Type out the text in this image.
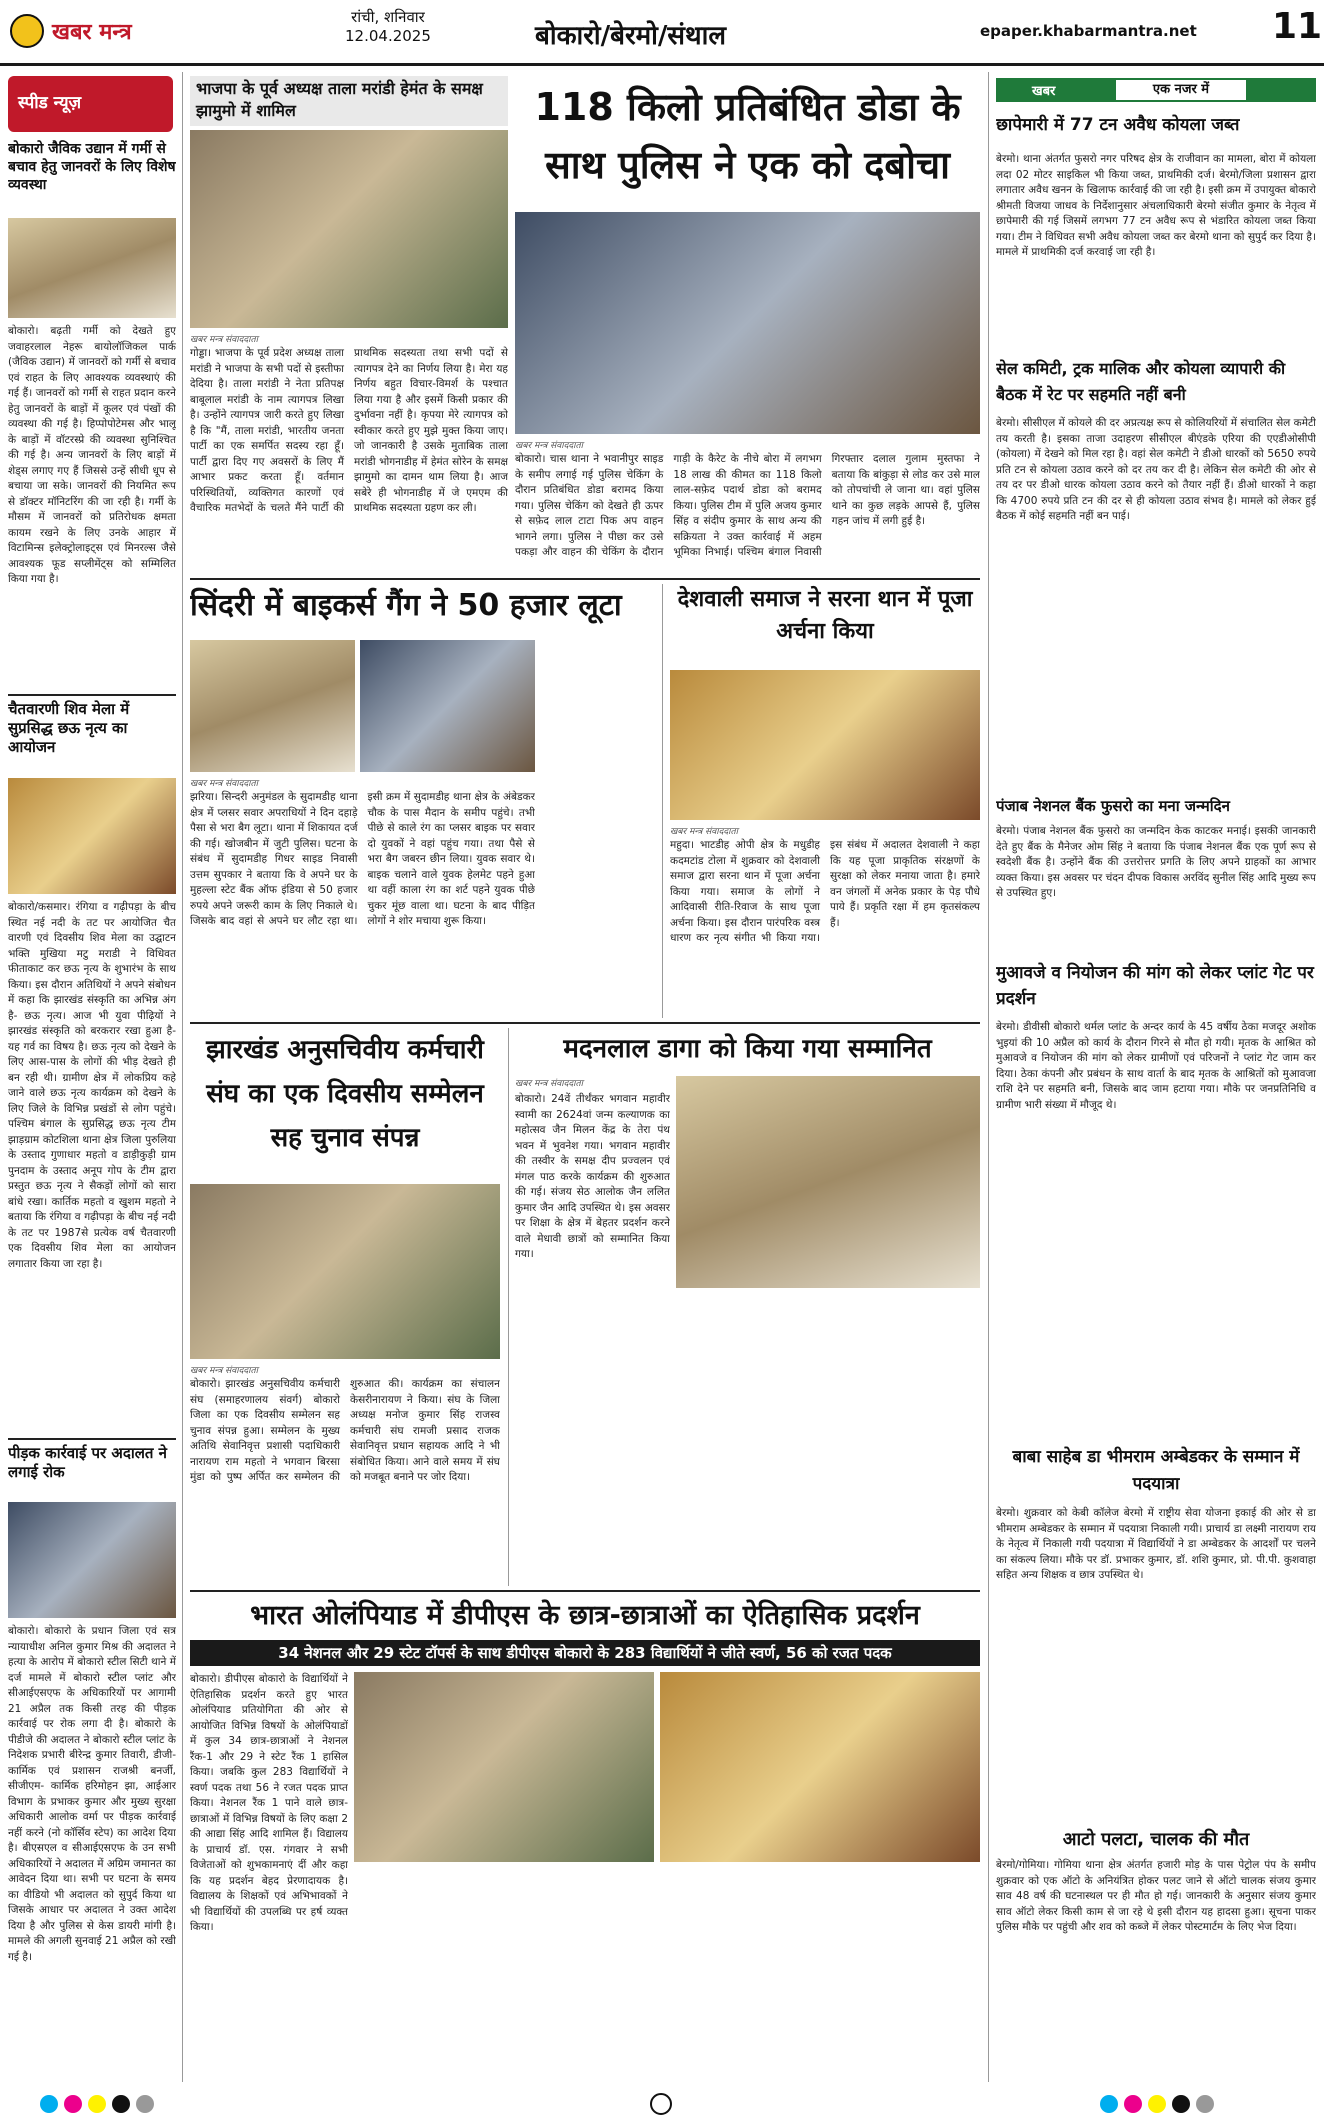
खबर मन्त्र
रांची, शनिवार
12.04.2025	बोकारो/बेरमो/संथाल	epaper.khabarmantra.net 11
स्पीड न्यूज़
बोकारो जैविक उद्यान में गर्मी से बचाव हेतु जानवरों के लिए विशेष व्यवस्था
बोकारो। बढ़ती गर्मी को देखते हुए जवाहरलाल नेहरू बायोलॉजिकल पार्क (जैविक उद्यान) में जानवरों को गर्मी से बचाव एवं राहत के लिए आवश्यक व्यवस्थाएं की गई हैं। जानवरों को गर्मी से राहत प्रदान करने हेतु जानवरों के बाड़ों में कूलर एवं पंखों की व्यवस्था की गई है। हिप्पोपोटेमस और भालू के बाड़ों में वॉटरस्प्रे की व्यवस्था सुनिश्चित की गई है। अन्य जानवरों के लिए बाड़ों में शेड्स लगाए गए हैं जिससे उन्हें सीधी धूप से बचाया जा सके। जानवरों की नियमित रूप से डॉक्टर मॉनिटरिंग की जा रही है। गर्मी के मौसम में जानवरों को प्रतिरोधक क्षमता कायम रखने के लिए उनके आहार में विटामिन्स इलेक्ट्रोलाइट्स एवं मिनरल्स जैसे आवश्यक फूड सप्लीमेंट्स को सम्मिलित किया गया है।
चैतवारणी शिव मेला में सुप्रसिद्ध छऊ नृत्य का आयोजन
बोकारो/कसमार। रंगिया व गढ़ीपड़ा के बीच स्थित नई नदी के तट पर आयोजित चैत वारणी एवं दिवसीय शिव मेला का उद्घाटन भक्ति मुखिया मटु मराडी ने विधिवत फीताकाट कर छऊ नृत्य के शुभारंभ के साथ किया। इस दौरान अतिथियों ने अपने संबोधन में कहा कि झारखंड संस्कृति का अभिन्न अंग है- छऊ नृत्य। आज भी युवा पीढ़ियों ने झारखंड संस्कृति को बरकरार रखा हुआ है- यह गर्व का विषय है। छऊ नृत्य को देखने के लिए आस-पास के लोगों की भीड़ देखते ही बन रही थी। ग्रामीण क्षेत्र में लोकप्रिय कहे जाने वाले छऊ नृत्य कार्यक्रम को देखने के लिए जिले के विभिन्न प्रखंडों से लोग पहुंचे। पश्चिम बंगाल के सुप्रसिद्ध छऊ नृत्य टीम झाड़ग्राम कोटशिला थाना क्षेत्र जिला पुरुलिया के उस्ताद गुणाधार महतो व डाड़ीकुड़ी ग्राम पुनदाम के उस्ताद अनूप गोप के टीम द्वारा प्रस्तुत छऊ नृत्य ने सैकड़ों लोगों को सारा बांधे रखा। कार्तिक महतो व खुशम महतो ने बताया कि रंगिया व गढ़ीपड़ा के बीच नई नदी के तट पर 1987से प्रत्येक वर्ष चैतवारणी एक दिवसीय शिव मेला का आयोजन लगातार किया जा रहा है।
पीड़क कार्रवाई पर अदालत ने लगाई रोक
बोकारो। बोकारो के प्रधान जिला एवं सत्र न्यायाधीश अनिल कुमार मिश्र की अदालत ने हत्या के आरोप में बोकारो स्टील सिटी थाने में दर्ज मामले में बोकारो स्टील प्लांट और सीआईएसएफ के अधिकारियों पर आगामी 21 अप्रैल तक किसी तरह की पीड़क कार्रवाई पर रोक लगा दी है। बोकारो के पीडीजे की अदालत ने बोकारो स्टील प्लांट के निदेशक प्रभारी बीरेन्द्र कुमार तिवारी, डीजी-कार्मिक एवं प्रशासन राजश्री बनर्जी, सीजीएम- कार्मिक हरिमोहन झा, आईआर विभाग के प्रभाकर कुमार और मुख्य सुरक्षा अधिकारी आलोक वर्मा पर पीड़क कार्रवाई नहीं करने (नो कॉर्सिव स्टेप) का आदेश दिया है। बीएसएल व सीआईएसएफ के उन सभी अधिकारियों ने अदालत में अग्रिम जमानत का आवेदन दिया था। सभी पर घटना के समय का वीडियो भी अदालत को सुपुर्द किया था जिसके आधार पर अदालत ने उक्त आदेश दिया है और पुलिस से केस डायरी मांगी है। मामले की अगली सुनवाई 21 अप्रैल को रखी गई है।
भाजपा के पूर्व अध्यक्ष ताला मरांडी हेमंत के समक्ष झामुमो में शामिल
खबर मन्त्र संवाददाता
गोड्डा। भाजपा के पूर्व प्रदेश अध्यक्ष ताला मरांडी ने भाजपा के सभी पदों से इस्तीफा देदिया है। ताला मरांडी ने नेता प्रतिपक्ष बाबूलाल मरांडी के नाम त्यागपत्र लिखा है। उन्होंने त्यागपत्र जारी करते हुए लिखा है कि "मैं, ताला मरांडी, भारतीय जनता पार्टी का एक समर्पित सदस्य रहा हूँ। पार्टी द्वारा दिए गए अवसरों के लिए मैं आभार प्रकट करता हूँ। वर्तमान परिस्थितियों, व्यक्तिगत कारणों एवं वैचारिक मतभेदों के चलते मैंने पार्टी की प्राथमिक सदस्यता तथा सभी पदों से त्यागपत्र देने का निर्णय लिया है। मेरा यह निर्णय बहुत विचार-विमर्श के पश्चात लिया गया है और इसमें किसी प्रकार की दुर्भावना नहीं है। कृपया मेरे त्यागपत्र को स्वीकार करते हुए मुझे मुक्त किया जाए। जो जानकारी है उसके मुताबिक ताला मरांडी भोगनाडीह में हेमंत सोरेन के समक्ष झामुमो का दामन थाम लिया है। आज सबेरे ही भोगनाडीह में जे एमएम की प्राथमिक सदस्यता ग्रहण कर ली।
118 किलो प्रतिबंधित डोडा के साथ पुलिस ने एक को दबोचा
खबर मन्त्र संवाददाता
बोकारो। चास थाना ने भवानीपुर साइड के समीप लगाई गई पुलिस चेकिंग के दौरान प्रतिबंधित डोडा बरामद किया गया। पुलिस चेकिंग को देखते ही ऊपर से सफ़ेद लाल टाटा पिक अप वाहन भागने लगा। पुलिस ने पीछा कर उसे पकड़ा और वाहन की चेकिंग के दौरान गाड़ी के कैरेट के नीचे बोरा में लगभग 18 लाख की कीमत का 118 किलो लाल-सफ़ेद पदार्थ डोडा को बरामद किया। पुलिस टीम में पुलि अजय कुमार सिंह व संदीप कुमार के साथ अन्य की सक्रियता ने उक्त कार्रवाई में अहम भूमिका निभाई। पश्चिम बंगाल निवासी गिरफ्तार दलाल गुलाम मुस्तफा ने बताया कि बांकुड़ा से लोड कर उसे माल को तोपचांची ले जाना था। वहां पुलिस थाने का कुछ लड़के आपसे हैं, पुलिस गहन जांच में लगी हुई है।
सिंदरी में बाइकर्स गैंग ने 50 हजार लूटा
खबर मन्त्र संवाददाता
झरिया। सिन्दरी अनुमंडल के सुदामडीह थाना क्षेत्र में प्लसर सवार अपराधियों ने दिन दहाड़े पैसा से भरा बैग लूटा। थाना में शिकायत दर्ज की गई। खोजबीन में जुटी पुलिस। घटना के संबंध में सुदामडीह गिधर साइड निवासी उत्तम सुपकार ने बताया कि वे अपने घर के मुहल्ला स्टेट बैंक ऑफ इंडिया से 50 हजार रुपये अपने जरूरी काम के लिए निकाले थे। जिसके बाद वहां से अपने घर लौट रहा था। इसी क्रम में सुदामडीह थाना क्षेत्र के अंबेडकर चौक के पास मैदान के समीप पहुंचे। तभी पीछे से काले रंग का प्लसर बाइक पर सवार दो युवकों ने वहां पहुंच गया। तथा पैसे से भरा बैग जबरन छीन लिया। युवक सवार थे। बाइक चलाने वाले युवक हेलमेट पहने हुआ था वहीं काला रंग का शर्ट पहने युवक पीछे चुकर मूंछ वाला था। घटना के बाद पीड़ित लोगों ने शोर मचाया शुरू किया।
देशवाली समाज ने सरना थान में पूजा अर्चना किया
खबर मन्त्र संवाददाता
महुदा। भाटडीह ओपी क्षेत्र के मधुडीह कदमटांड टोला में शुक्रवार को देशवाली समाज द्वारा सरना थान में पूजा अर्चना किया गया। समाज के लोगों ने आदिवासी रीति-रिवाज के साथ पूजा अर्चना किया। इस दौरान पारंपरिक वस्त्र धारण कर नृत्य संगीत भी किया गया। इस संबंध में अदालत देशवाली ने कहा कि यह पूजा प्राकृतिक संरक्षणों के सुरक्षा को लेकर मनाया जाता है। हमारे वन जंगलों में अनेक प्रकार के पेड़ पौधे पाये हैं। प्रकृति रक्षा में हम कृतसंकल्प हैं।
झारखंड अनुसचिवीय कर्मचारी संघ का एक दिवसीय सम्मेलन सह चुनाव संपन्न
खबर मन्त्र संवाददाता
बोकारो। झारखंड अनुसचिवीय कर्मचारी संघ (समाहरणालय संवर्ग) बोकारो जिला का एक दिवसीय सम्मेलन सह चुनाव संपन्न हुआ। सम्मेलन के मुख्य अतिथि सेवानिवृत्त प्रशासी पदाधिकारी नारायण राम महतो ने भगवान बिरसा मुंडा को पुष्प अर्पित कर सम्मेलन की शुरुआत की। कार्यक्रम का संचालन केसरीनारायण ने किया। संघ के जिला अध्यक्ष मनोज कुमार सिंह राजस्व कर्मचारी संघ रामजी प्रसाद राजक सेवानिवृत्त प्रधान सहायक आदि ने भी संबोधित किया। आने वाले समय में संघ को मजबूत बनाने पर जोर दिया।
मदनलाल डागा को किया गया सम्मानित
खबर मन्त्र संवाददाता
बोकारो। 24वें तीर्थंकर भगवान महावीर स्वामी का 2624वां जन्म कल्याणक का महोत्सव जैन मिलन केंद्र के तेरा पंथ भवन में भुवनेश गया। भगवान महावीर की तस्वीर के समक्ष दीप प्रज्वलन एवं मंगल पाठ करके कार्यक्रम की शुरुआत की गई। संजय सेठ आलोक जैन ललित कुमार जैन आदि उपस्थित थे। इस अवसर पर शिक्षा के क्षेत्र में बेहतर प्रदर्शन करने वाले मेधावी छात्रों को सम्मानित किया गया।
भारत ओलंपियाड में डीपीएस के छात्र-छात्राओं का ऐतिहासिक प्रदर्शन
34 नेशनल और 29 स्टेट टॉपर्स के साथ डीपीएस बोकारो के 283 विद्यार्थियों ने जीते स्वर्ण, 56 को रजत पदक
बोकारो। डीपीएस बोकारो के विद्यार्थियों ने ऐतिहासिक प्रदर्शन करते हुए भारत ओलंपियाड प्रतियोगिता की ओर से आयोजित विभिन्न विषयों के ओलंपियाडों में कुल 34 छात्र-छात्राओं ने नेशनल रैंक-1 और 29 ने स्टेट रैंक 1 हासिल किया। जबकि कुल 283 विद्यार्थियों ने स्वर्ण पदक तथा 56 ने रजत पदक प्राप्त किया। नेशनल रैंक 1 पाने वाले छात्र-छात्राओं में विभिन्न विषयों के लिए कक्षा 2 की आद्या सिंह आदि शामिल हैं। विद्यालय के प्राचार्य डॉ. एस. गंगवार ने सभी विजेताओं को शुभकामनाएं दीं और कहा कि यह प्रदर्शन बेहद प्रेरणादायक है। विद्यालय के शिक्षकों एवं अभिभावकों ने भी विद्यार्थियों की उपलब्धि पर हर्ष व्यक्त किया।
खबर	एक नजर में
छापेमारी में 77 टन अवैध कोयला जब्त
बेरमो। थाना अंतर्गत फुसरो नगर परिषद क्षेत्र के राजीवान का मामला, बोरा में कोयला लदा 02 मोटर साइकिल भी किया जब्त, प्राथमिकी दर्ज। बेरमो/जिला प्रशासन द्वारा लगातार अवैध खनन के खिलाफ कार्रवाई की जा रही है। इसी क्रम में उपायुक्त बोकारो श्रीमती विजया जाधव के निर्देशानुसार अंचलाधिकारी बेरमो संजीत कुमार के नेतृत्व में छापेमारी की गई जिसमें लगभग 77 टन अवैध रूप से भंडारित कोयला जब्त किया गया। टीम ने विधिवत सभी अवैध कोयला जब्त कर बेरमो थाना को सुपुर्द कर दिया है। मामले में प्राथमिकी दर्ज करवाई जा रही है।
सेल कमिटी, ट्रक मालिक और कोयला व्यापारी की बैठक में रेट पर सहमति नहीं बनी
बेरमो। सीसीएल में कोयले की दर अप्रत्यक्ष रूप से कोलियरियों में संचालित सेल कमेटी तय करती है। इसका ताजा उदाहरण सीसीएल बीएंडके एरिया की एएडीओसीपी (कोयला) में देखने को मिल रहा है। वहां सेल कमेटी ने डीओ धारकों को 5650 रुपये प्रति टन से कोयला उठाव करने को दर तय कर दी है। लेकिन सेल कमेटी की ओर से तय दर पर डीओ धारक कोयला उठाव करने को तैयार नहीं हैं। डीओ धारकों ने कहा कि 4700 रुपये प्रति टन की दर से ही कोयला उठाव संभव है। मामले को लेकर हुई बैठक में कोई सहमति नहीं बन पाई।
पंजाब नेशनल बैंक फुसरो का मना जन्मदिन
बेरमो। पंजाब नेशनल बैंक फुसरो का जन्मदिन केक काटकर मनाई। इसकी जानकारी देते हुए बैंक के मैनेजर ओम सिंह ने बताया कि पंजाब नेशनल बैंक एक पूर्ण रूप से स्वदेशी बैंक है। उन्होंने बैंक की उत्तरोत्तर प्रगति के लिए अपने ग्राहकों का आभार व्यक्त किया। इस अवसर पर चंदन दीपक विकास अरविंद सुनील सिंह आदि मुख्य रूप से उपस्थित हुए।
मुआवजे व नियोजन की मांग को लेकर प्लांट गेट पर प्रदर्शन
बेरमो। डीवीसी बोकारो थर्मल प्लांट के अन्दर कार्य के 45 वर्षीय ठेका मजदूर अशोक भुइयां की 10 अप्रैल को कार्य के दौरान गिरने से मौत हो गयी। मृतक के आश्रित को मुआवजे व नियोजन की मांग को लेकर ग्रामीणों एवं परिजनों ने प्लांट गेट जाम कर दिया। ठेका कंपनी और प्रबंधन के साथ वार्ता के बाद मृतक के आश्रितों को मुआवजा राशि देने पर सहमति बनी, जिसके बाद जाम हटाया गया। मौके पर जनप्रतिनिधि व ग्रामीण भारी संख्या में मौजूद थे।
बाबा साहेब डा भीमराम अम्बेडकर के सम्मान में पदयात्रा
बेरमो। शुक्रवार को केबी कॉलेज बेरमो में राष्ट्रीय सेवा योजना इकाई की ओर से डा भीमराम अम्बेडकर के सम्मान में पदयात्रा निकाली गयी। प्राचार्य डा लक्ष्मी नारायण राय के नेतृत्व में निकाली गयी पदयात्रा में विद्यार्थियों ने डा अम्बेडकर के आदर्शों पर चलने का संकल्प लिया। मौके पर डॉ. प्रभाकर कुमार, डॉ. शशि कुमार, प्रो. पी.पी. कुशवाहा सहित अन्य शिक्षक व छात्र उपस्थित थे।
आटो पलटा, चालक की मौत
बेरमो/गोमिया। गोमिया थाना क्षेत्र अंतर्गत हजारी मोड़ के पास पेट्रोल पंप के समीप शुक्रवार को एक ऑटो के अनियंत्रित होकर पलट जाने से ऑटो चालक संजय कुमार साव 48 वर्ष की घटनास्थल पर ही मौत हो गई। जानकारी के अनुसार संजय कुमार साव ऑटो लेकर किसी काम से जा रहे थे इसी दौरान यह हादसा हुआ। सूचना पाकर पुलिस मौके पर पहुंची और शव को कब्जे में लेकर पोस्टमार्टम के लिए भेज दिया।
